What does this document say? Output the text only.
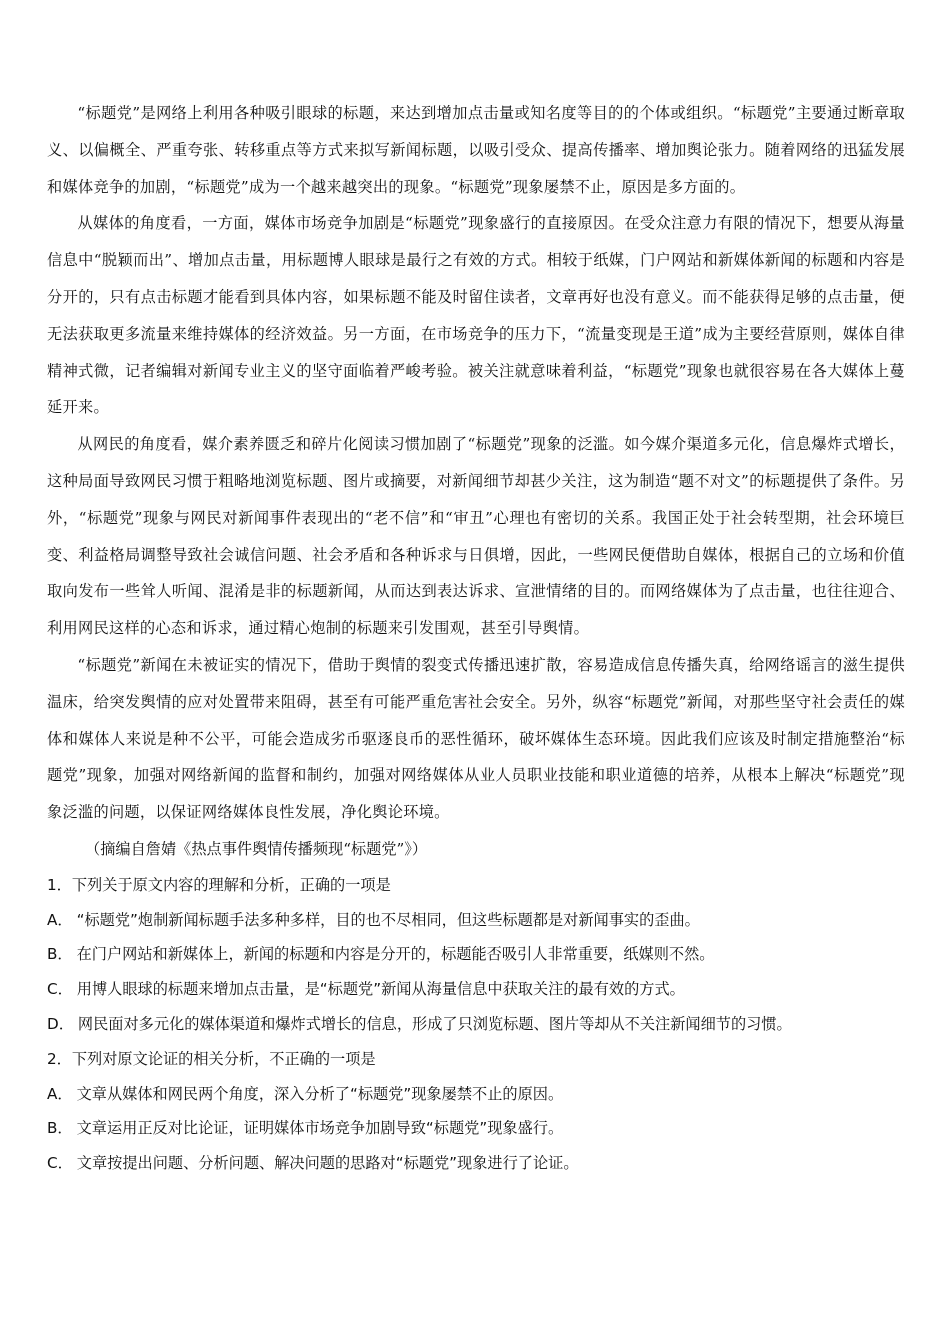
“标题党”是网络上利用各种吸引眼球的标题，来达到增加点击量或知名度等目的的个体或组织。“标题党”主要通过断章取义、以偏概全、严重夸张、转移重点等方式来拟写新闻标题，以吸引受众、提高传播率、增加舆论张力。随着网络的迅猛发展和媒体竞争的加剧，“标题党”成为一个越来越突出的现象。“标题党”现象屡禁不止，原因是多方面的。

从媒体的角度看，一方面，媒体市场竞争加剧是“标题党”现象盛行的直接原因。在受众注意力有限的情况下，想要从海量信息中“脱颖而出”、增加点击量，用标题博人眼球是最行之有效的方式。相较于纸媒，门户网站和新媒体新闻的标题和内容是分开的，只有点击标题才能看到具体内容，如果标题不能及时留住读者，文章再好也没有意义。而不能获得足够的点击量，便无法获取更多流量来维持媒体的经济效益。另一方面，在市场竞争的压力下，“流量变现是王道”成为主要经营原则，媒体自律精神式微，记者编辑对新闻专业主义的坚守面临着严峻考验。被关注就意味着利益，“标题党”现象也就很容易在各大媒体上蔓延开来。

从网民的角度看，媒介素养匮乏和碎片化阅读习惯加剧了“标题党”现象的泛滥。如今媒介渠道多元化，信息爆炸式增长，这种局面导致网民习惯于粗略地浏览标题、图片或摘要，对新闻细节却甚少关注，这为制造“题不对文”的标题提供了条件。另外，“标题党”现象与网民对新闻事件表现出的“老不信”和“审丑”心理也有密切的关系。我国正处于社会转型期，社会环境巨变、利益格局调整导致社会诚信问题、社会矛盾和各种诉求与日俱增，因此，一些网民便借助自媒体，根据自己的立场和价值取向发布一些耸人听闻、混淆是非的标题新闻，从而达到表达诉求、宣泄情绪的目的。而网络媒体为了点击量，也往往迎合、利用网民这样的心态和诉求，通过精心炮制的标题来引发围观，甚至引导舆情。

“标题党”新闻在未被证实的情况下，借助于舆情的裂变式传播迅速扩散，容易造成信息传播失真，给网络谣言的滋生提供温床，给突发舆情的应对处置带来阻碍，甚至有可能严重危害社会安全。另外，纵容“标题党”新闻，对那些坚守社会责任的媒体和媒体人来说是种不公平，可能会造成劣币驱逐良币的恶性循环，破坏媒体生态环境。因此我们应该及时制定措施整治“标题党”现象，加强对网络新闻的监督和制约，加强对网络媒体从业人员职业技能和职业道德的培养，从根本上解决“标题党”现象泛滥的问题，以保证网络媒体良性发展，净化舆论环境。

（摘编自詹婧《热点事件舆情传播频现“标题党”》）

1．下列关于原文内容的理解和分析，正确的一项是

A． “标题党”炮制新闻标题手法多种多样，目的也不尽相同，但这些标题都是对新闻事实的歪曲。

B． 在门户网站和新媒体上，新闻的标题和内容是分开的，标题能否吸引人非常重要，纸媒则不然。

C． 用博人眼球的标题来增加点击量，是“标题党”新闻从海量信息中获取关注的最有效的方式。

D． 网民面对多元化的媒体渠道和爆炸式增长的信息，形成了只浏览标题、图片等却从不关注新闻细节的习惯。

2．下列对原文论证的相关分析，不正确的一项是

A． 文章从媒体和网民两个角度，深入分析了“标题党”现象屡禁不止的原因。

B． 文章运用正反对比论证，证明媒体市场竞争加剧导致“标题党”现象盛行。

C． 文章按提出问题、分析问题、解决问题的思路对“标题党”现象进行了论证。
